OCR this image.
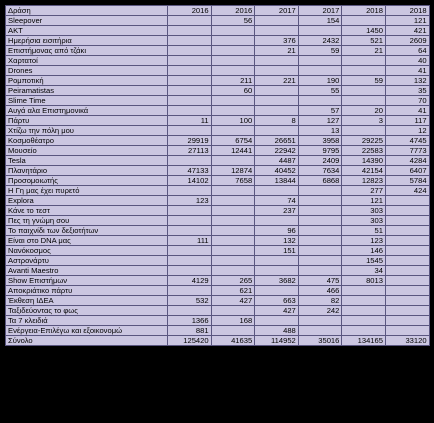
Δράση	2016	2016	2017	2017	2018	2018
Sleepover		56		154		121
AKT					1450	421
Ημερήσια εισιτήρια			376	2432	521	2609
Επιστήμονας από τζάκι			21	59	21	64
Χαρτατοί						40
Drones						41
Ρομποτική		211	221	190	59	132
Peiramatistas		60		55		35
Slime Time						70
Αυγά αλα Επιστημονικά				57	20	41
Πάρτυ	11	100	8	127	3	117
Χτίζω την πόλη μου				13		12
Κοσμοθέατρο	29919	6754	26651	3958	29225	4745
Μουσείο	27113	12441	22942	9795	22583	7773
Tesla			4487	2409	14390	4284
Πλανητάριο	47133	12874	40452	7634	42154	6407
Προσομοιωτής	14102	7658	13844	6868	12823	5784
Η Γη μας έχει πυρετό					277	424
Explora	123		74		121	
Κάνε το τεστ			237		303	
Πες τη γνώμη σου					303	
Το παιχνίδι των δεξιοτήτων			96		51	
Είναι στο DNA μας	111		132		123	
Νανόκοσμος			151		146	
Αστρονάρτυ					1545	
Avanti Maestro					34	
Show Επιστήμων	4129	265	3682	475	8013	
Αποκριάτικο πάρτυ		621		466		
Έκθεση ΙΔΕΑ	532	427	663	82		
Ταξιδεύοντας το φως			427	242		
Τα 7 κλειδιά	1366	168				
Ενέργεια-Επιλέγω και εξοικονομώ	881		488			
Σύνολο	125420	41635	114952	35016	134165	33120
